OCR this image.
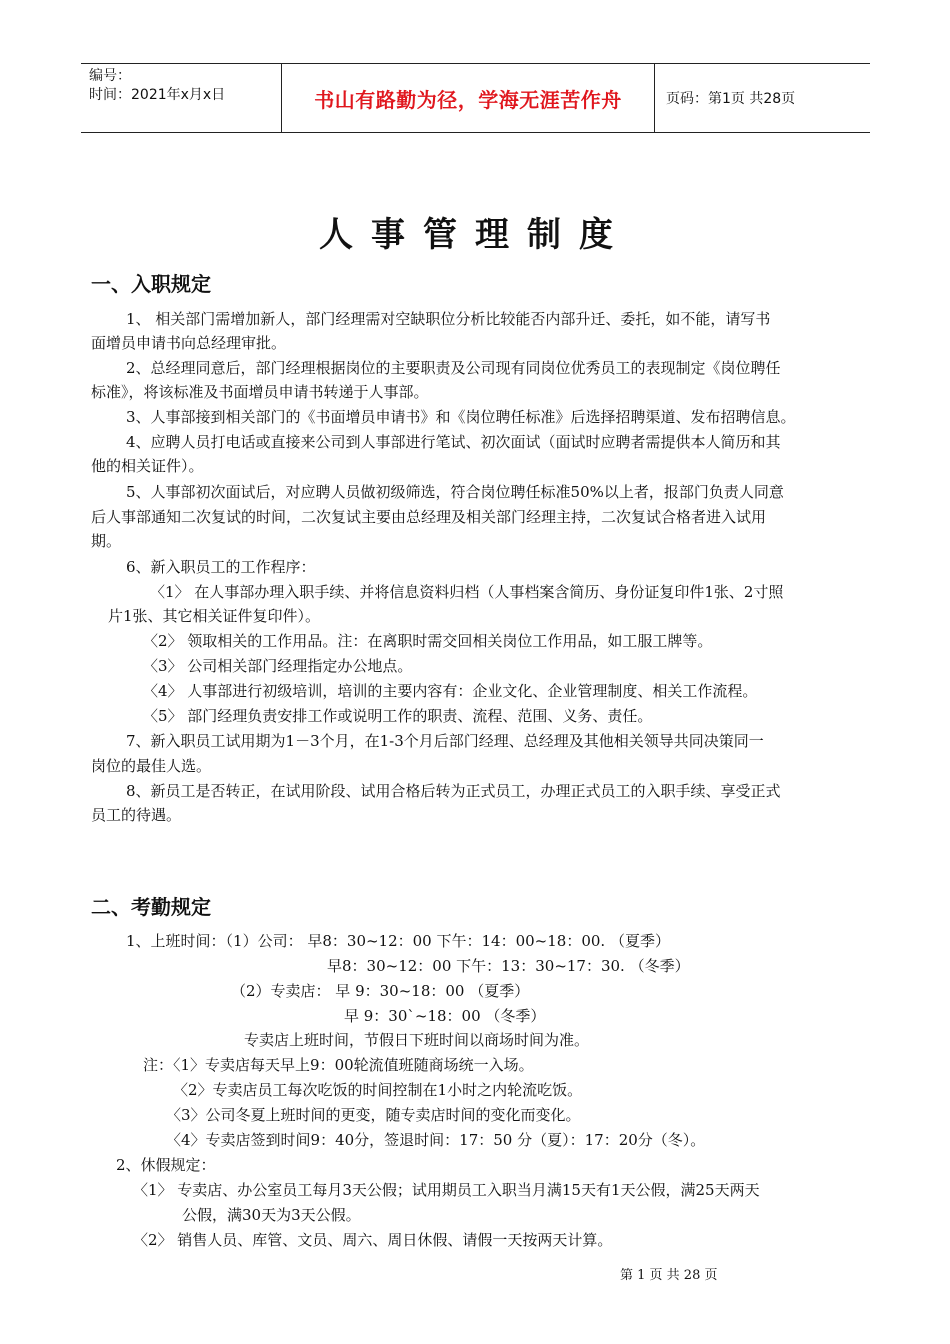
编号：
时间：2021年x月x日	书山有路勤为径，学海无涯苦作舟	页码：第1页 共28页
人事管理制度
一、入职规定
1、 相关部门需增加新人，部门经理需对空缺职位分析比较能否内部升迁、委托，如不能，请写书
面增员申请书向总经理审批。
2、总经理同意后，部门经理根据岗位的主要职责及公司现有同岗位优秀员工的表现制定《岗位聘任
标准》，将该标准及书面增员申请书转递于人事部。
3、人事部接到相关部门的《书面增员申请书》和《岗位聘任标准》后选择招聘渠道、发布招聘信息。
4、应聘人员打电话或直接来公司到人事部进行笔试、初次面试（面试时应聘者需提供本人简历和其
他的相关证件）。
5、人事部初次面试后，对应聘人员做初级筛选，符合岗位聘任标准50%以上者，报部门负责人同意
后人事部通知二次复试的时间，二次复试主要由总经理及相关部门经理主持，二次复试合格者进入试用
期。
6、新入职员工的工作程序：
〈1〉 在人事部办理入职手续、并将信息资料归档（人事档案含简历、身份证复印件1张、2寸照
片1张、其它相关证件复印件）。
〈2〉 领取相关的工作用品。注：在离职时需交回相关岗位工作用品，如工服工牌等。
〈3〉 公司相关部门经理指定办公地点。
〈4〉 人事部进行初级培训，培训的主要内容有：企业文化、企业管理制度、相关工作流程。
〈5〉 部门经理负责安排工作或说明工作的职责、流程、范围、义务、责任。
7、新入职员工试用期为1－3个月，在1-3个月后部门经理、总经理及其他相关领导共同决策同一
岗位的最佳人选。
8、新员工是否转正，在试用阶段、试用合格后转为正式员工，办理正式员工的入职手续、享受正式
员工的待遇。
二、考勤规定
1、上班时间：（1）公司： 早8：30~12：00 下午：14：00~18：00. （夏季）
早8：30~12：00 下午：13：30~17：30. （冬季）
（2）专卖店： 早 9：30~18：00 （夏季）
早 9：30`~18：00 （冬季）
专卖店上班时间，节假日下班时间以商场时间为准。
注：〈1〉专卖店每天早上9：00轮流值班随商场统一入场。
〈2〉专卖店员工每次吃饭的时间控制在1小时之内轮流吃饭。
〈3〉公司冬夏上班时间的更变，随专卖店时间的变化而变化。
〈4〉专卖店签到时间9：40分，签退时间：17：50 分（夏）：17：20分（冬）。
2、休假规定：
〈1〉 专卖店、办公室员工每月3天公假；试用期员工入职当月满15天有1天公假，满25天两天
公假，满30天为3天公假。
〈2〉 销售人员、库管、文员、周六、周日休假、请假一天按两天计算。
第 1 页 共 28 页
